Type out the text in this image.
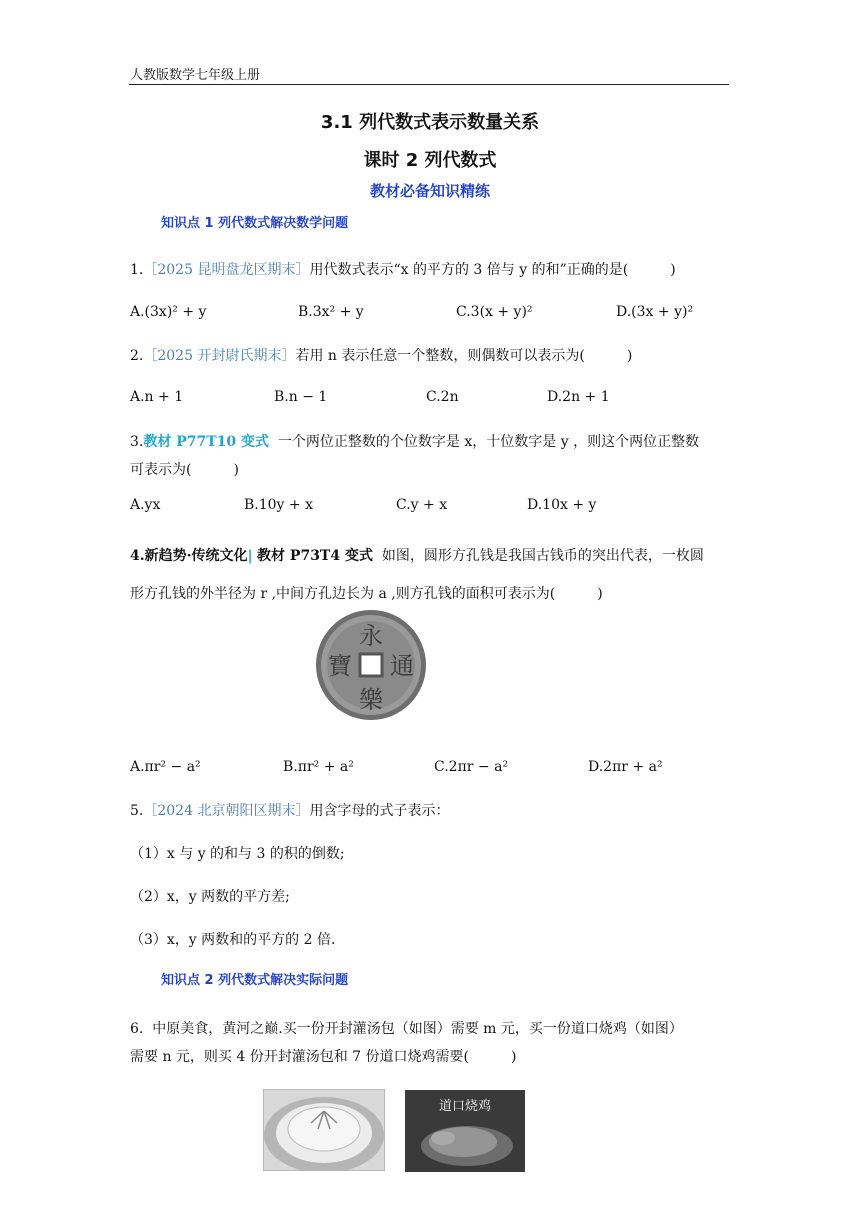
人教版数学七年级上册
3.1 列代数式表示数量关系
课时 2 列代数式
教材必备知识精练
知识点 1 列代数式解决数学问题
1.［2025 昆明盘龙区期末］用代数式表示“x 的平方的 3 倍与 y 的和”正确的是(　　　)
A.(3x)² + y	B.3x² + y	C.3(x + y)²	D.(3x + y)²
2.［2025 开封尉氏期末］若用 n 表示任意一个整数，则偶数可以表示为(　　　)
A.n + 1	B.n − 1	C.2n	D.2n + 1
3.教材 P77T10 变式 一个两位正整数的个位数字是 x，十位数字是 y ，则这个两位正整数
可表示为(　　　)
A.yx	B.10y + x	C.y + x	D.10x + y
4.新趋势·传统文化| 教材 P73T4 变式 如图，圆形方孔钱是我国古钱币的突出代表，一枚圆
形方孔钱的外半径为 r ,中间方孔边长为 a ,则方孔钱的面积可表示为(　　　)
永
通
樂
寶
A.πr² − a²	B.πr² + a²	C.2πr − a²	D.2πr + a²
5.［2024 北京朝阳区期末］用含字母的式子表示：
（1）x 与 y 的和与 3 的积的倒数;
（2）x，y 两数的平方差;
（3）x，y 两数和的平方的 2 倍.
知识点 2 列代数式解决实际问题
6. 中原美食，黄河之巅.买一份开封灌汤包（如图）需要 m 元，买一份道口烧鸡（如图）
需要 n 元，则买 4 份开封灌汤包和 7 份道口烧鸡需要(　　　)
道口烧鸡
